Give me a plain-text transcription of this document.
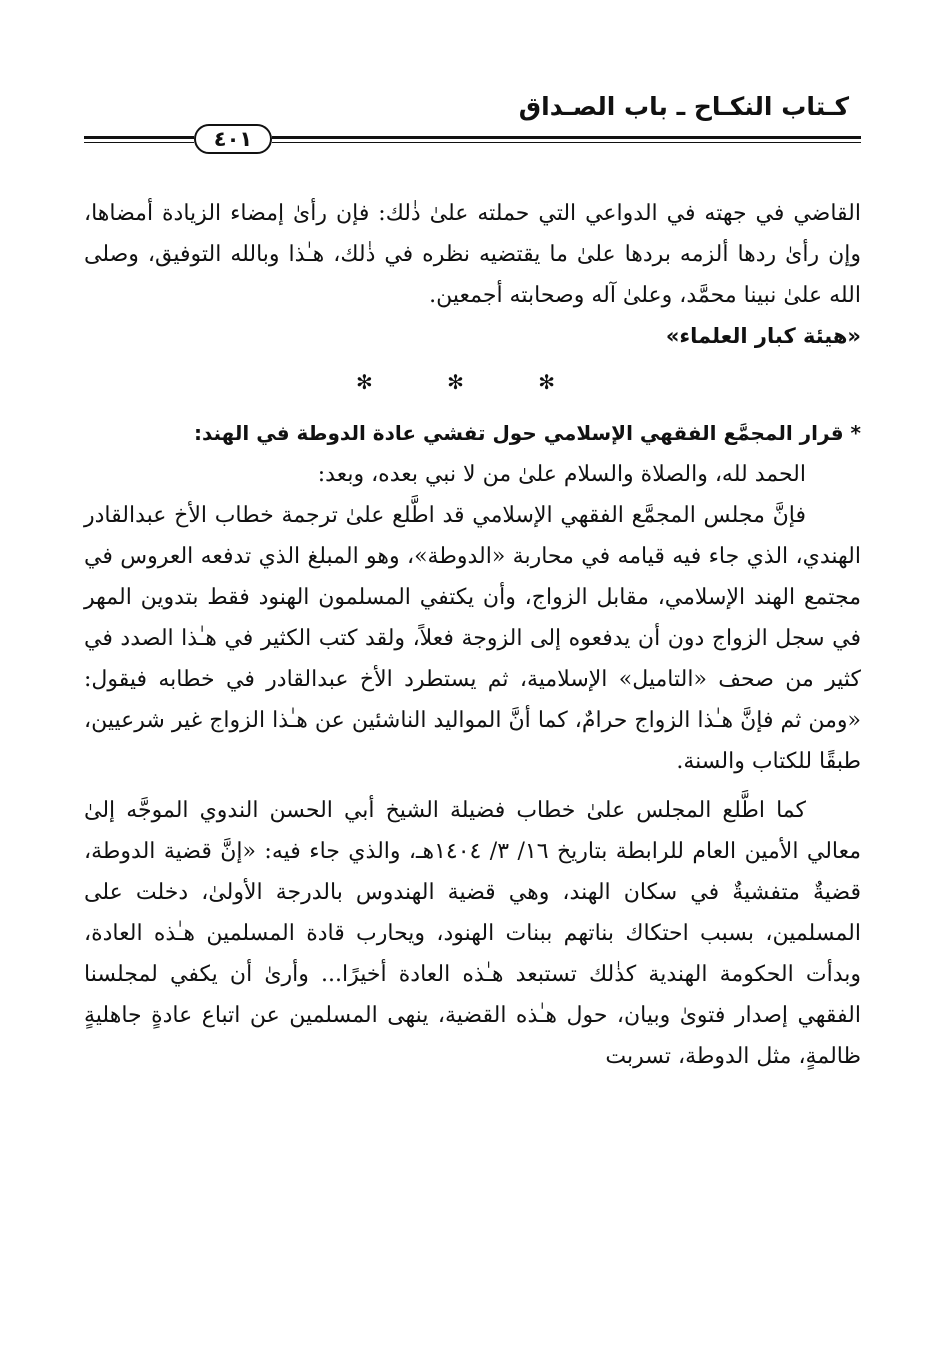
كـتاب النكـاح ـ باب الصـداق
٤٠١

القاضي في جهته في الدواعي التي حملته علىٰ ذٰلك: فإن رأىٰ إمضاء الزيادة أمضاها، وإن رأىٰ ردها ألزمه بردها علىٰ ما يقتضيه نظره في ذٰلك، هـٰذا وبالله التوفيق، وصلى الله علىٰ نبينا محمَّد، وعلىٰ آله وصحابته أجمعين.

«هيئة كبار العلماء»

✻ ✻ ✻

* قرار المجمَّع الفقهي الإسلامي حول تفشي عادة الدوطة في الهند:

الحمد لله، والصلاة والسلام علىٰ من لا نبي بعده، وبعد:

فإنَّ مجلس المجمَّع الفقهي الإسلامي قد اطَّلع علىٰ ترجمة خطاب الأخ عبدالقادر الهندي، الذي جاء فيه قيامه في محاربة «الدوطة»، وهو المبلغ الذي تدفعه العروس في مجتمع الهند الإسلامي، مقابل الزواج، وأن يكتفي المسلمون الهنود فقط بتدوين المهر في سجل الزواج دون أن يدفعوه إلى الزوجة فعلاً، ولقد كتب الكثير في هـٰذا الصدد في كثير من صحف «التاميل» الإسلامية، ثم يستطرد الأخ عبدالقادر في خطابه فيقول: «ومن ثم فإنَّ هـٰذا الزواج حرامٌ، كما أنَّ المواليد الناشئين عن هـٰذا الزواج غير شرعيين، طبقًا للكتاب والسنة.

كما اطَّلع المجلس علىٰ خطاب فضيلة الشيخ أبي الحسن الندوي الموجَّه إلىٰ معالي الأمين العام للرابطة بتاريخ ١٦/ ٣/ ١٤٠٤هـ، والذي جاء فيه: «إنَّ قضية الدوطة، قضيةٌ متفشيةٌ في سكان الهند، وهي قضية الهندوس بالدرجة الأولىٰ، دخلت على المسلمين، بسبب احتكاك بناتهم ببنات الهنود، ويحارب قادة المسلمين هـٰذه العادة، وبدأت الحكومة الهندية كذٰلك تستبعد هـٰذه العادة أخيرًا... وأرىٰ أن يكفي لمجلسنا الفقهي إصدار فتوىٰ وبيان، حول هـٰذه القضية، ينهى المسلمين عن اتباع عادةٍ جاهليةٍ ظالمةٍ، مثل الدوطة، تسربت
